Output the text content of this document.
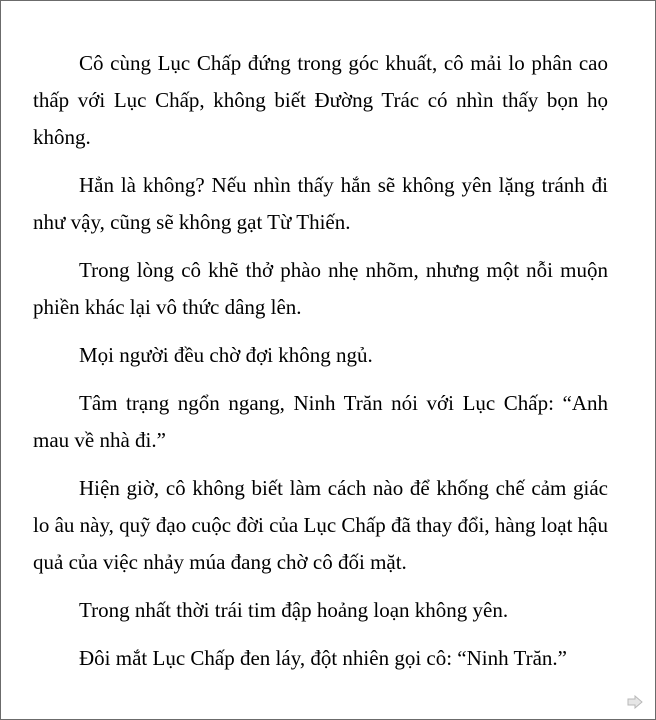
Cô cùng Lục Chấp đứng trong góc khuất, cô mải lo phân cao thấp với Lục Chấp, không biết Đường Trác có nhìn thấy bọn họ không.

Hẳn là không? Nếu nhìn thấy hắn sẽ không yên lặng tránh đi như vậy, cũng sẽ không gạt Từ Thiến.

Trong lòng cô khẽ thở phào nhẹ nhõm, nhưng một nỗi muộn phiền khác lại vô thức dâng lên.

Mọi người đều chờ đợi không ngủ.

Tâm trạng ngổn ngang, Ninh Trăn nói với Lục Chấp: “Anh mau về nhà đi.”

Hiện giờ, cô không biết làm cách nào để khống chế cảm giác lo âu này, quỹ đạo cuộc đời của Lục Chấp đã thay đổi, hàng loạt hậu quả của việc nhảy múa đang chờ cô đối mặt.

Trong nhất thời trái tim đập hoảng loạn không yên.

Đôi mắt Lục Chấp đen láy, đột nhiên gọi cô: “Ninh Trăn.”
